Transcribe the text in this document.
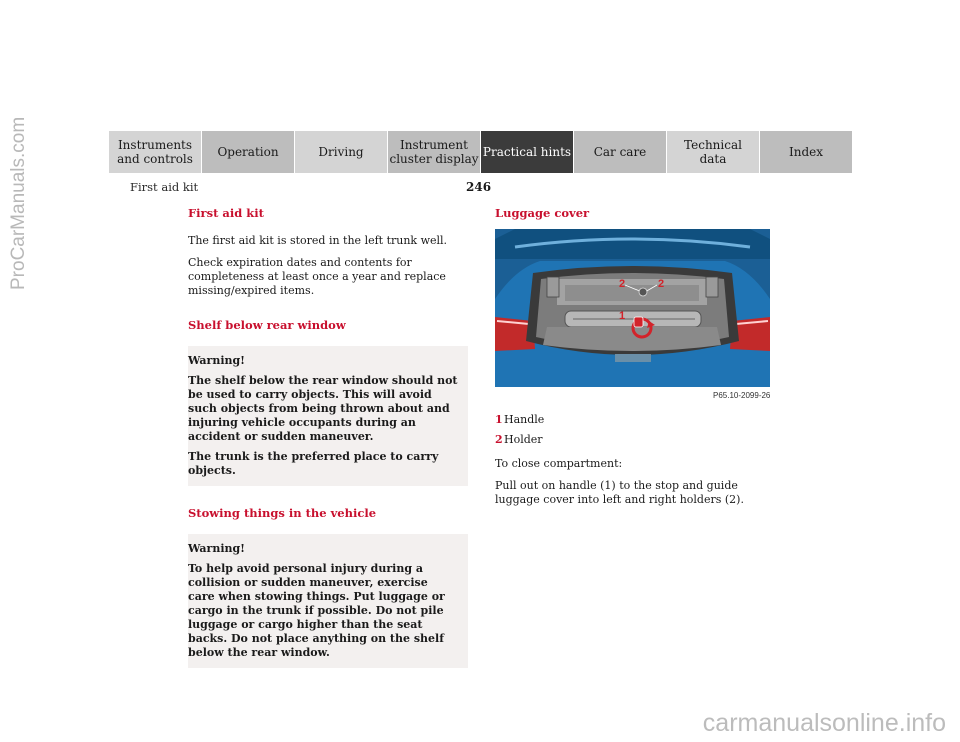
ProCarManuals.com
carmanualsonline.info
Instruments
and controls	Operation	Driving	Instrument
cluster display Practical hints	Car care	Technical
data	Index
First aid kit	246
First aid kit

The first aid kit is stored in the left trunk well.

Check expiration dates and contents for completeness at least once a year and replace missing/expired items.

Shelf below rear window

Warning!

The shelf below the rear window should not be used to carry objects. This will avoid such objects from being thrown about and injuring vehicle occupants during an accident or sudden maneuver.

The trunk is the preferred place to carry objects.

Stowing things in the vehicle

Warning!

To help avoid personal injury during a collision or sudden maneuver, exercise care when stowing things. Put luggage or cargo in the trunk if possible. Do not pile luggage or cargo higher than the seat backs. Do not place anything on the shelf below the rear window.

Luggage cover
2	2
1
P65.10-2099-26
1 Handle
2 Holder

To close compartment:

Pull out on handle (1) to the stop and guide luggage cover into left and right holders (2).
